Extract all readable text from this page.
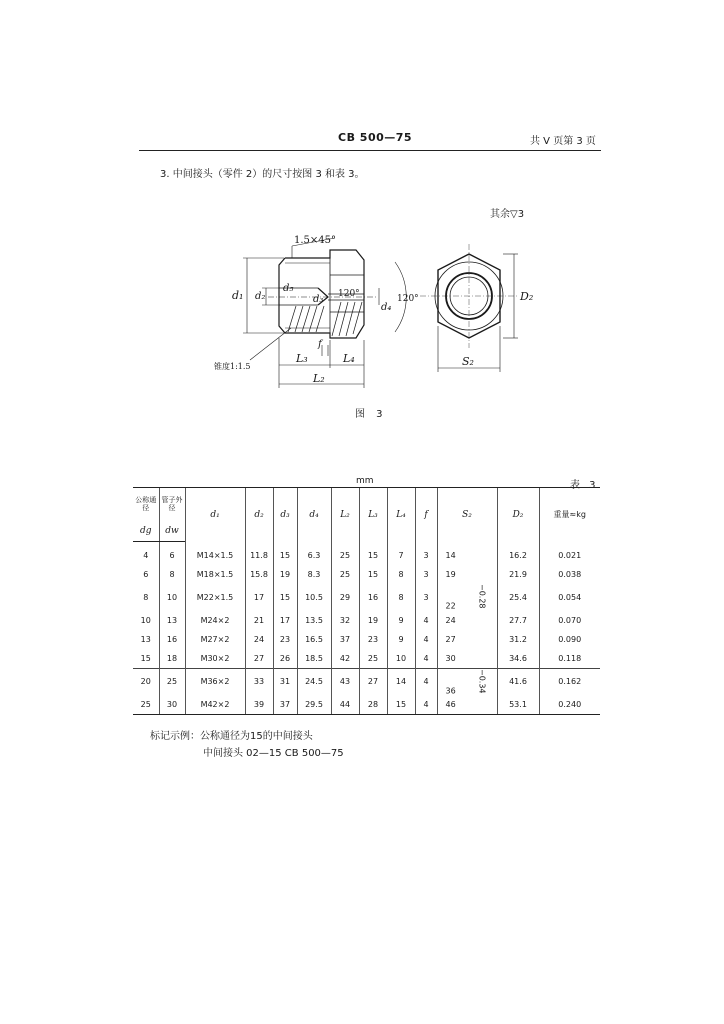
CB 500—75	共 V 页第 3 页
3. 中间接头（零件 2）的尺寸按图 3 和表 3。
其余▽3
1.5×45°
d₁ d₂
d₅
d₃
d₄
120°	120°
锥度1:1.5
f
L₃	L₄
L₂
D₂
S₂
图 3
mm	表 3
公称通径	管子外径	d₁	d₂	d₃	d₄	L₂	L₃	L₄	f	S₂	D₂	重量≈kg
dg	dw											
4	6	M14×1.5	11.8	15	6.3	25	15	7	3	14	16.2	0.021
6	8	M18×1.5	15.8	19	8.3	25	15	8	3	19	21.9	0.038
8	10	M22×1.5	17	15	10.5	29	16	8	3	22 −0.28	25.4	0.054
10	13	M24×2	21	17	13.5	32	19	9	4	24	27.7	0.070
13	16	M27×2	24	23	16.5	37	23	9	4	27	31.2	0.090
15	18	M30×2	27	26	18.5	42	25	10	4	30	34.6	0.118
20	25	M36×2	33	31	24.5	43	27	14	4	36 −0.34	41.6	0.162
25	30	M42×2	39	37	29.5	44	28	15	4	46	53.1	0.240
标记示例：公称通径为15的中间接头
中间接头 02—15 CB 500—75
